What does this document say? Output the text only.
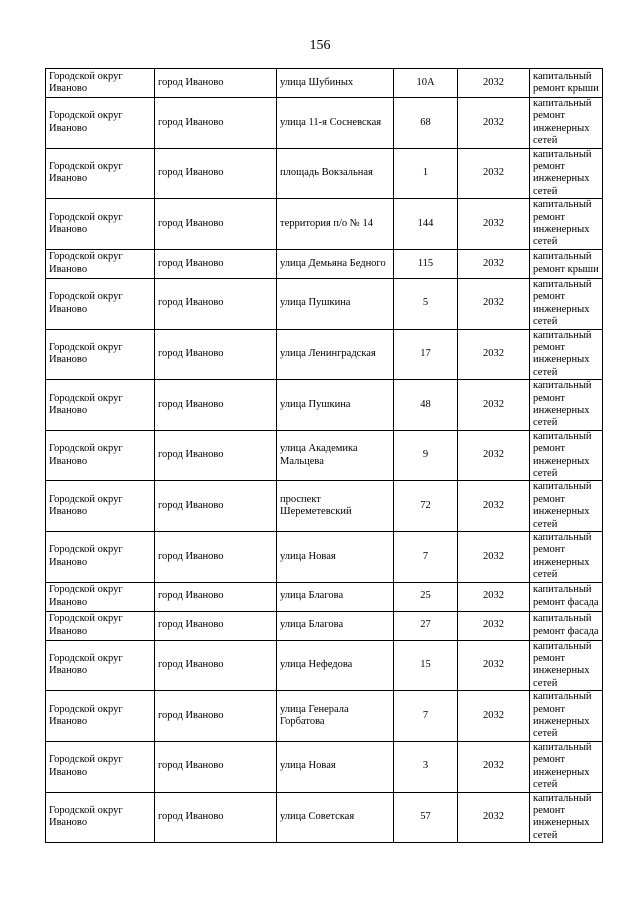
156
Городской округ Иваново	город Иваново	улица Шубиных	10А	2032	капитальный ремонт крыши
Городской округ Иваново	город Иваново	улица 11-я Сосневская	68	2032	капитальный ремонт инженерных сетей
Городской округ Иваново	город Иваново	площадь Вокзальная	1	2032	капитальный ремонт инженерных сетей
Городской округ Иваново	город Иваново	территория п/о № 14	144	2032	капитальный ремонт инженерных сетей
Городской округ Иваново	город Иваново	улица Демьяна Бедного	115	2032	капитальный ремонт крыши
Городской округ Иваново	город Иваново	улица Пушкина	5	2032	капитальный ремонт инженерных сетей
Городской округ Иваново	город Иваново	улица Ленинградская	17	2032	капитальный ремонт инженерных сетей
Городской округ Иваново	город Иваново	улица Пушкина	48	2032	капитальный ремонт инженерных сетей
Городской округ Иваново	город Иваново	улица Академика Мальцева	9	2032	капитальный ремонт инженерных сетей
Городской округ Иваново	город Иваново	проспект Шереметевский	72	2032	капитальный ремонт инженерных сетей
Городской округ Иваново	город Иваново	улица Новая	7	2032	капитальный ремонт инженерных сетей
Городской округ Иваново	город Иваново	улица Благова	25	2032	капитальный ремонт фасада
Городской округ Иваново	город Иваново	улица Благова	27	2032	капитальный ремонт фасада
Городской округ Иваново	город Иваново	улица Нефедова	15	2032	капитальный ремонт инженерных сетей
Городской округ Иваново	город Иваново	улица Генерала Горбатова	7	2032	капитальный ремонт инженерных сетей
Городской округ Иваново	город Иваново	улица Новая	3	2032	капитальный ремонт инженерных сетей
Городской округ Иваново	город Иваново	улица Советская	57	2032	капитальный ремонт инженерных сетей
